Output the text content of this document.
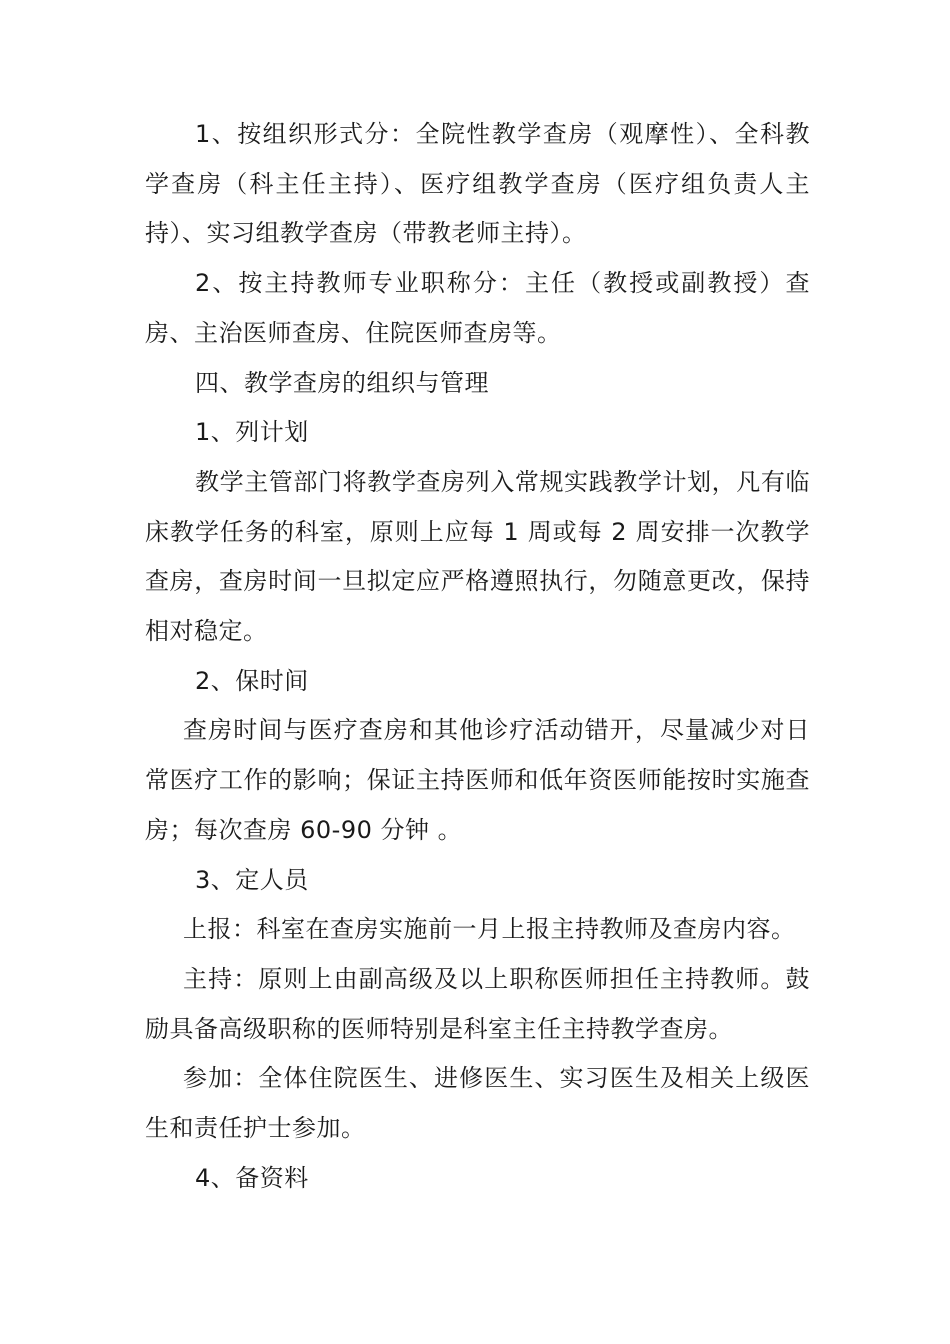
1、按组织形式分：全院性教学查房（观摩性）、全科教学查房（科主任主持）、医疗组教学查房（医疗组负责人主持）、实习组教学查房（带教老师主持）。

2、按主持教师专业职称分：主任（教授或副教授）查房、主治医师查房、住院医师查房等。

四、教学查房的组织与管理

1、列计划

教学主管部门将教学查房列入常规实践教学计划，凡有临床教学任务的科室，原则上应每 1 周或每 2 周安排一次教学查房，查房时间一旦拟定应严格遵照执行，勿随意更改，保持相对稳定。

2、保时间

查房时间与医疗查房和其他诊疗活动错开，尽量减少对日常医疗工作的影响；保证主持医师和低年资医师能按时实施查房；每次查房 60-90 分钟 。

3、定人员

上报：科室在查房实施前一月上报主持教师及查房内容。

主持：原则上由副高级及以上职称医师担任主持教师。鼓励具备高级职称的医师特别是科室主任主持教学查房。

参加：全体住院医生、进修医生、实习医生及相关上级医生和责任护士参加。

4、备资料
